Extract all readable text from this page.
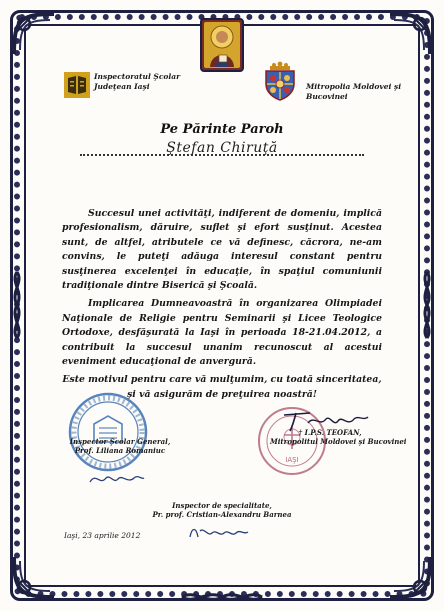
Inspectoratul Şcolar Judeţean Iaşi	Mitropolia Moldovei şi Bucovinei
Pe Părinte Paroh
Ştefan Chiruţă

Succesul unei activităţi, indiferent de domeniu, implică profesionalism, dăruire, suflet şi efort susţinut. Acestea sunt, de altfel, atributele ce vă definesc, căcrora, ne-am convins, le puteţi adăuga interesul constant pentru susţinerea excelenţei în educaţie, în spaţiul comuniunii tradiţionale dintre Biserică şi Şcoală.

Implicarea Dumneavoastră în organizarea Olimpiadei Naţionale de Religie pentru Seminarii şi Licee Teologice Ortodoxe, desfăşurată la Iaşi în perioada 18-21.04.2012, a contribuit la succesul unanim recunoscut al acestui eveniment educaţional de anvergură.

Este motivul pentru care vă mulţumim, cu toată sinceritatea, şi vă asigurăm de preţuirea noastră!

IAŞI
Inspector Şcolar General,
Prof. Liliana Romaniuc
† I.P.S. TEOFAN,
Mitropolitul Moldovei şi Bucovinei
Inspector de specialitate,
Pr. prof. Cristian-Alexandru Barnea
Iaşi, 23 aprilie 2012
